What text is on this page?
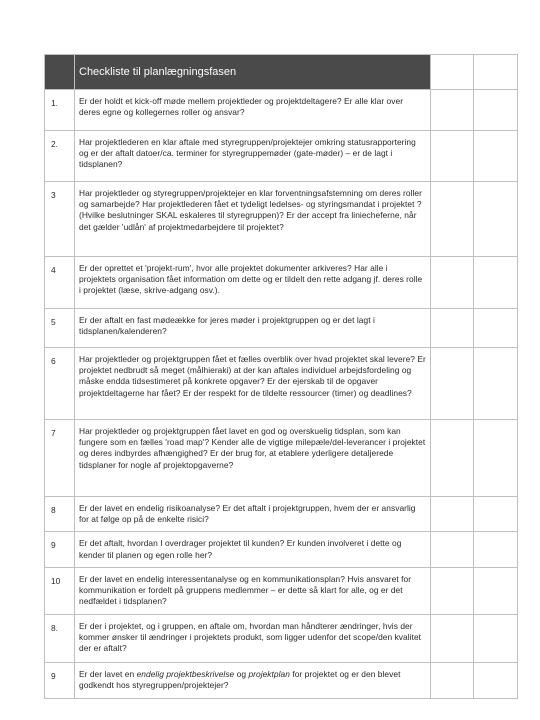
	Checkliste til planlægningsfasen		
1.	Er der holdt et kick-off møde mellem projektleder og projektdeltagere? Er alle klar over deres egne og kollegernes roller og ansvar?		
2.	Har projektlederen en klar aftale med styregruppen/projektejer omkring statusrapportering og er der aftalt datoer/ca. terminer for styregruppemøder (gate-møder) – er de lagt i tidsplanen?		
3	Har projektleder og styregruppen/projektejer en klar forventningsafstemning om deres roller og samarbejde? Har projektlederen fået et tydeligt ledelses- og styringsmandat i projektet ? (Hvilke beslutninger SKAL eskaleres til styregruppen)? Er der accept fra liniecheferne, når det gælder 'udlån' af projektmedarbejdere til projektet?		
4	Er der oprettet et 'projekt-rum', hvor alle projektet dokumenter arkiveres? Har alle i projektets organisation fået information om dette og er tildelt den rette adgang jf. deres rolle i projektet (læse, skrive-adgang osv.).		
5	Er der aftalt en fast mødeække for jeres møder i projektgruppen og er det lagt i tidsplanen/kalenderen?		
6	Har projektleder og projektgruppen fået et fælles overblik over hvad projektet skal levere? Er projektet nedbrudt så meget (målhieraki) at der kan aftales individuel arbejdsfordeling og måske endda tidsestimeret på konkrete opgaver? Er der ejerskab til de opgaver projektdeltagerne har fået? Er der respekt for de tildelte ressourcer (timer) og deadlines?		
7	Har projektleder og projektgruppen fået lavet en god og overskuelig tidsplan, som kan fungere som en fælles 'road map'? Kender alle de vigtige milepæle/del-leverancer i projektet og deres indbyrdes afhængighed? Er der brug for, at etablere yderligere detaljerede tidsplaner for nogle af projektopgaverne?		
8	Er der lavet en endelig risikoanalyse? Er det aftalt i projektgruppen, hvem der er ansvarlig for at følge op på de enkelte risici?		
9	Er det aftalt, hvordan I overdrager projektet til kunden? Er kunden involveret i dette og kender til planen og egen rolle her?		
10	Er der lavet en endelig interessentanalyse og en kommunikationsplan? Hvis ansvaret for kommunikation er fordelt på gruppens medlemmer – er dette så klart for alle, og er det nedfældet i tidsplanen?		
8.	Er der i projektet, og i gruppen, en aftale om, hvordan man håndterer ændringer, hvis der kommer ønsker til ændringer i projektets produkt, som ligger udenfor det scope/den kvalitet der er aftalt?		
9	Er der lavet en endelig projektbeskrivelse og projektplan for projektet og er den blevet godkendt hos styregruppen/projektejer?		
